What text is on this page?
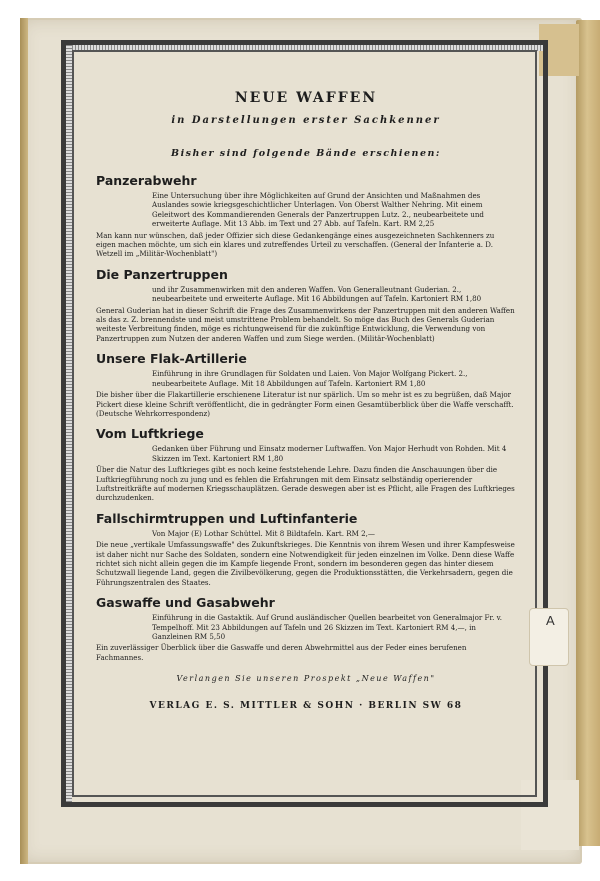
NEUE WAFFEN
in Darstellungen erster Sachkenner
Bisher sind folgende Bände erschienen:
Panzerabwehr
Eine Untersuchung über ihre Möglichkeiten auf Grund der Ansichten und Maßnahmen des Auslandes sowie kriegsgeschichtlicher Unterlagen. Von Oberst Walther Nehring. Mit einem Geleitwort des Kommandierenden Generals der Panzertruppen Lutz. 2., neubearbeitete und erweiterte Auflage. Mit 13 Abb. im Text und 27 Abb. auf Tafeln. Kart. RM 2,25
Man kann nur wünschen, daß jeder Offizier sich diese Gedankengänge eines ausgezeichneten Sachkenners zu eigen machen möchte, um sich ein klares und zutreffendes Urteil zu verschaffen. (General der Infanterie a. D. Wetzell im „Militär-Wochenblatt")
Die Panzertruppen
und ihr Zusammenwirken mit den anderen Waffen. Von Generalleutnant Guderian. 2., neubearbeitete und erweiterte Auflage. Mit 16 Abbildungen auf Tafeln. Kartoniert RM 1,80
General Guderian hat in dieser Schrift die Frage des Zusammenwirkens der Panzertruppen mit den anderen Waffen als das z. Z. brennendste und meist umstrittene Problem behandelt. So möge das Buch des Generals Guderian weiteste Verbreitung finden, möge es richtungweisend für die zukünftige Entwicklung, die Verwendung von Panzertruppen zum Nutzen der anderen Waffen und zum Siege werden. (Militär-Wochenblatt)
Unsere Flak-Artillerie
Einführung in ihre Grundlagen für Soldaten und Laien. Von Major Wolfgang Pickert. 2., neubearbeitete Auflage. Mit 18 Abbildungen auf Tafeln. Kartoniert RM 1,80
Die bisher über die Flakartillerie erschienene Literatur ist nur spärlich. Um so mehr ist es zu begrüßen, daß Major Pickert diese kleine Schrift veröffentlicht, die in gedrängter Form einen Gesamtüberblick über die Waffe verschafft. (Deutsche Wehrkorrespondenz)
Vom Luftkriege
Gedanken über Führung und Einsatz moderner Luftwaffen. Von Major Herhudt von Rohden. Mit 4 Skizzen im Text. Kartoniert RM 1,80
Über die Natur des Luftkrieges gibt es noch keine feststehende Lehre. Dazu finden die Anschauungen über die Luftkriegführung noch zu jung und es fehlen die Erfahrungen mit dem Einsatz selbständig operierender Luftstreitkräfte auf modernen Kriegsschauplätzen. Gerade deswegen aber ist es Pflicht, alle Fragen des Luftkrieges durchzudenken.
Fallschirmtruppen und Luftinfanterie
Von Major (E) Lothar Schüttel. Mit 8 Bildtafeln. Kart. RM 2,—
Die neue „vertikale Umfassungswaffe" des Zukunftskrieges. Die Kenntnis von ihrem Wesen und ihrer Kampfesweise ist daher nicht nur Sache des Soldaten, sondern eine Notwendigkeit für jeden einzelnen im Volke. Denn diese Waffe richtet sich nicht allein gegen die im Kampfe liegende Front, sondern im besonderen gegen das hinter diesem Schutzwall liegende Land, gegen die Zivilbevölkerung, gegen die Produktionsstätten, die Verkehrsadern, gegen die Führungszentralen des Staates.
Gaswaffe und Gasabwehr
Einführung in die Gastaktik. Auf Grund ausländischer Quellen bearbeitet von Generalmajor Fr. v. Tempelhoff. Mit 23 Abbildungen auf Tafeln und 26 Skizzen im Text. Kartoniert RM 4,—, in Ganzleinen RM 5,50
Ein zuverlässiger Überblick über die Gaswaffe und deren Abwehrmittel aus der Feder eines berufenen Fachmannes.
Verlangen Sie unseren Prospekt „Neue Waffen"
VERLAG E. S. MITTLER & SOHN · BERLIN SW 68
A
